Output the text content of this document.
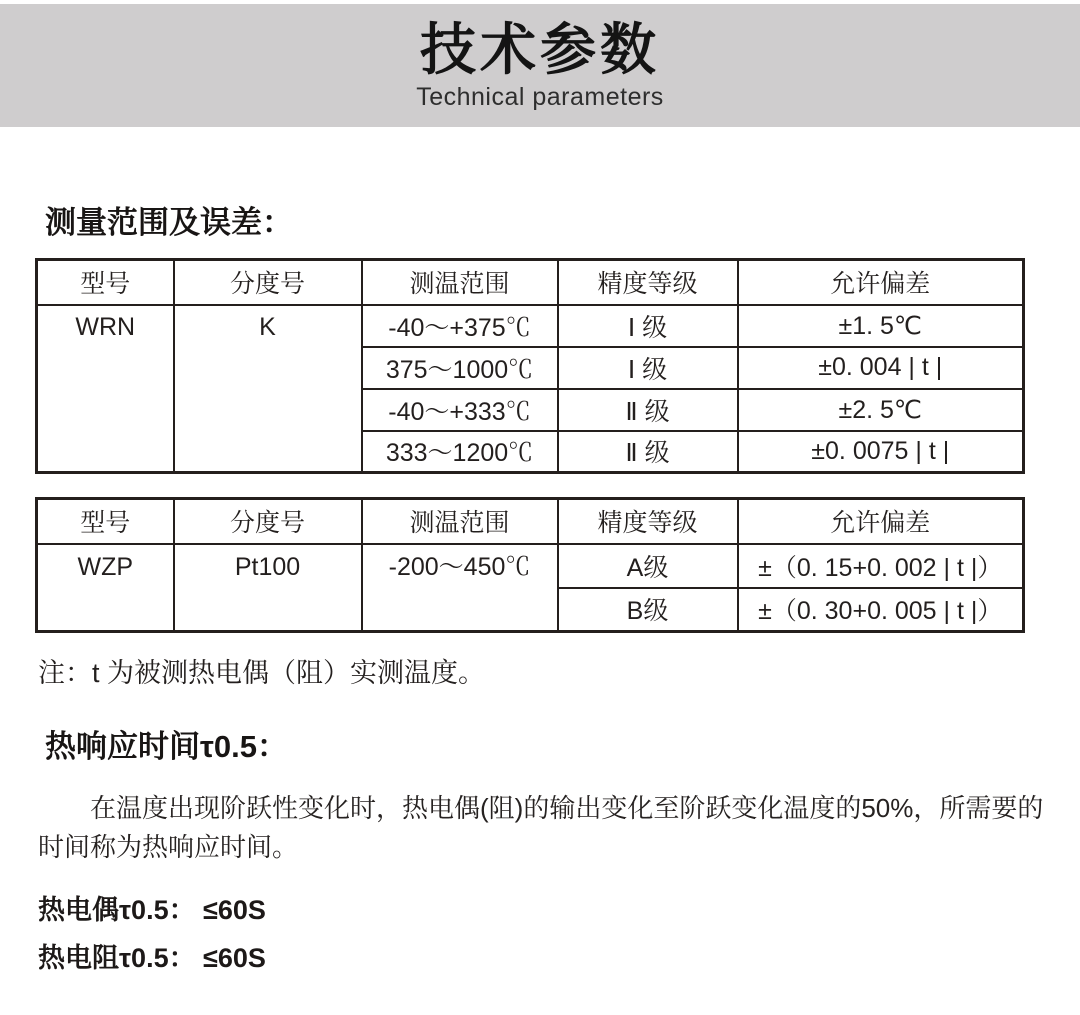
技术参数
Technical parameters
测量范围及误差：
型号	分度号	测温范围	精度等级	允许偏差
WRN	K	-40～+375℃	Ⅰ 级	±1. 5℃
		375～1000℃	Ⅰ 级	±0. 004 | t |
		-40～+333℃	Ⅱ 级	±2. 5℃
		333～1200℃	Ⅱ 级	±0. 0075 | t |
型号	分度号	测温范围	精度等级	允许偏差
WZP	Pt100	-200～450℃	A级	±（0. 15+0. 002 | t |）
			B级	±（0. 30+0. 005 | t |）

注：t 为被测热电偶（阻）实测温度。

热响应时间τ0.5：

在温度出现阶跃性变化时，热电偶(阻)的输出变化至阶跃变化温度的50%，所需要的时间称为热响应时间。

热电偶τ0.5： ≤60S

热电阻τ0.5： ≤60S
